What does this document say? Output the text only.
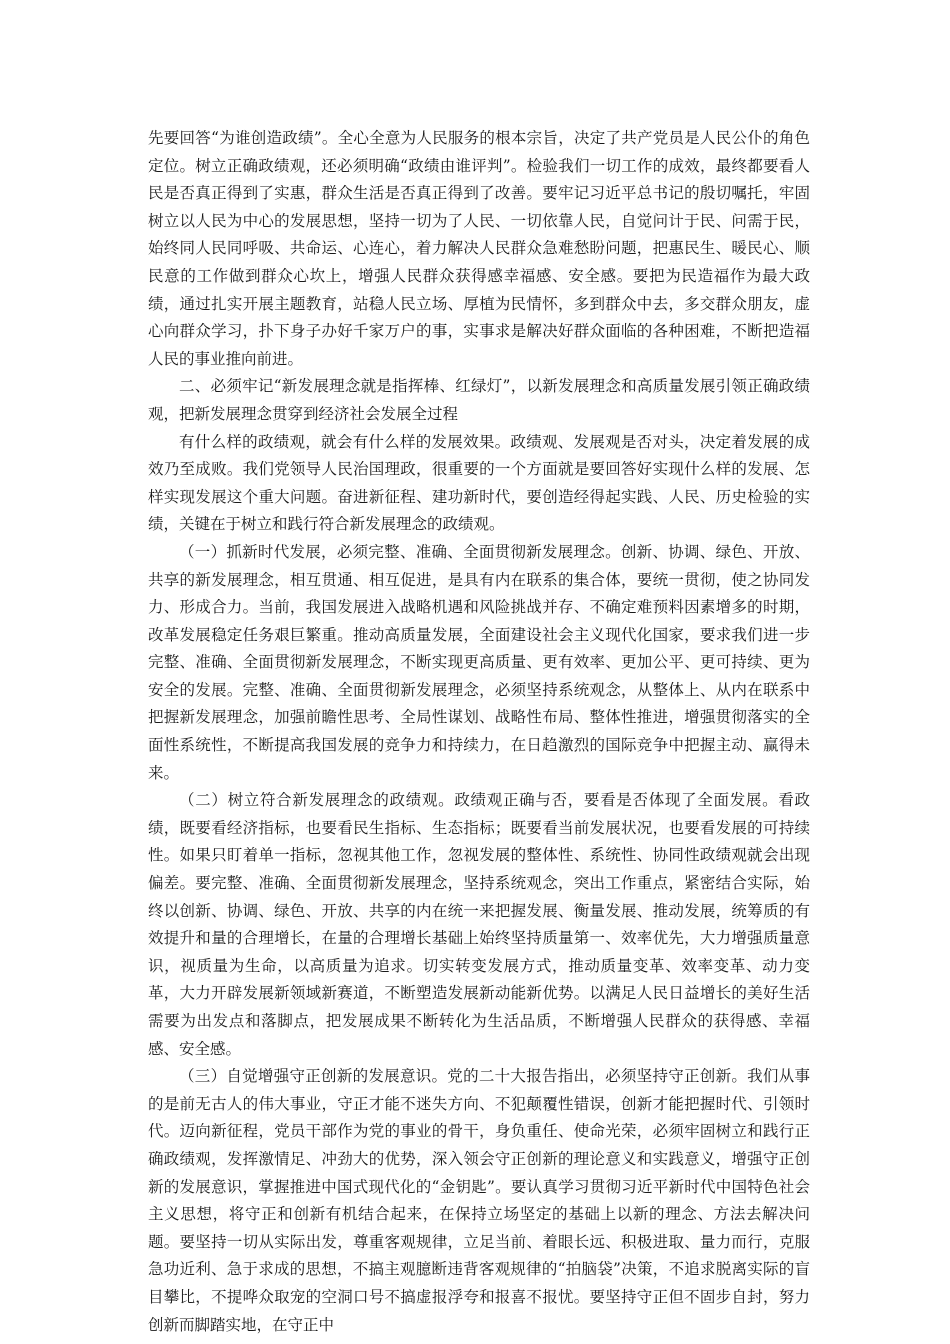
先要回答“为谁创造政绩”。全心全意为人民服务的根本宗旨，决定了共产党员是人民公仆的角色定位。树立正确政绩观，还必须明确“政绩由谁评判”。检验我们一切工作的成效，最终都要看人民是否真正得到了实惠，群众生活是否真正得到了改善。要牢记习近平总书记的殷切嘱托，牢固树立以人民为中心的发展思想，坚持一切为了人民、一切依靠人民，自觉问计于民、问需于民，始终同人民同呼吸、共命运、心连心，着力解决人民群众急难愁盼问题，把惠民生、暖民心、顺民意的工作做到群众心坎上，增强人民群众获得感幸福感、安全感。要把为民造福作为最大政绩，通过扎实开展主题教育，站稳人民立场、厚植为民情怀，多到群众中去，多交群众朋友，虚心向群众学习，扑下身子办好千家万户的事，实事求是解决好群众面临的各种困难，不断把造福人民的事业推向前进。

二、必须牢记“新发展理念就是指挥棒、红绿灯”，以新发展理念和高质量发展引领正确政绩观，把新发展理念贯穿到经济社会发展全过程

有什么样的政绩观，就会有什么样的发展效果。政绩观、发展观是否对头，决定着发展的成效乃至成败。我们党领导人民治国理政，很重要的一个方面就是要回答好实现什么样的发展、怎样实现发展这个重大问题。奋进新征程、建功新时代，要创造经得起实践、人民、历史检验的实绩，关键在于树立和践行符合新发展理念的政绩观。

（一）抓新时代发展，必须完整、准确、全面贯彻新发展理念。创新、协调、绿色、开放、共享的新发展理念，相互贯通、相互促进，是具有内在联系的集合体，要统一贯彻，使之协同发力、形成合力。当前，我国发展进入战略机遇和风险挑战并存、不确定难预料因素增多的时期，改革发展稳定任务艰巨繁重。推动高质量发展，全面建设社会主义现代化国家，要求我们进一步完整、准确、全面贯彻新发展理念，不断实现更高质量、更有效率、更加公平、更可持续、更为安全的发展。完整、准确、全面贯彻新发展理念，必须坚持系统观念，从整体上、从内在联系中把握新发展理念，加强前瞻性思考、全局性谋划、战略性布局、整体性推进，增强贯彻落实的全面性系统性，不断提高我国发展的竞争力和持续力，在日趋激烈的国际竞争中把握主动、赢得未来。

（二）树立符合新发展理念的政绩观。政绩观正确与否，要看是否体现了全面发展。看政绩，既要看经济指标，也要看民生指标、生态指标；既要看当前发展状况，也要看发展的可持续性。如果只盯着单一指标，忽视其他工作，忽视发展的整体性、系统性、协同性政绩观就会出现偏差。要完整、准确、全面贯彻新发展理念，坚持系统观念，突出工作重点，紧密结合实际，始终以创新、协调、绿色、开放、共享的内在统一来把握发展、衡量发展、推动发展，统筹质的有效提升和量的合理增长，在量的合理增长基础上始终坚持质量第一、效率优先，大力增强质量意识，视质量为生命，以高质量为追求。切实转变发展方式，推动质量变革、效率变革、动力变革，大力开辟发展新领域新赛道，不断塑造发展新动能新优势。以满足人民日益增长的美好生活需要为出发点和落脚点，把发展成果不断转化为生活品质，不断增强人民群众的获得感、幸福感、安全感。

（三）自觉增强守正创新的发展意识。党的二十大报告指出，必须坚持守正创新。我们从事的是前无古人的伟大事业，守正才能不迷失方向、不犯颠覆性错误，创新才能把握时代、引领时代。迈向新征程，党员干部作为党的事业的骨干，身负重任、使命光荣，必须牢固树立和践行正确政绩观，发挥激情足、冲劲大的优势，深入领会守正创新的理论意义和实践意义，增强守正创新的发展意识，掌握推进中国式现代化的“金钥匙”。要认真学习贯彻习近平新时代中国特色社会主义思想，将守正和创新有机结合起来，在保持立场坚定的基础上以新的理念、方法去解决问题。要坚持一切从实际出发，尊重客观规律，立足当前、着眼长远、积极进取、量力而行，克服急功近利、急于求成的思想，不搞主观臆断违背客观规律的“拍脑袋”决策，不追求脱离实际的盲目攀比，不提哗众取宠的空洞口号不搞虚报浮夸和报喜不报忧。要坚持守正但不固步自封，努力创新而脚踏实地，在守正中
